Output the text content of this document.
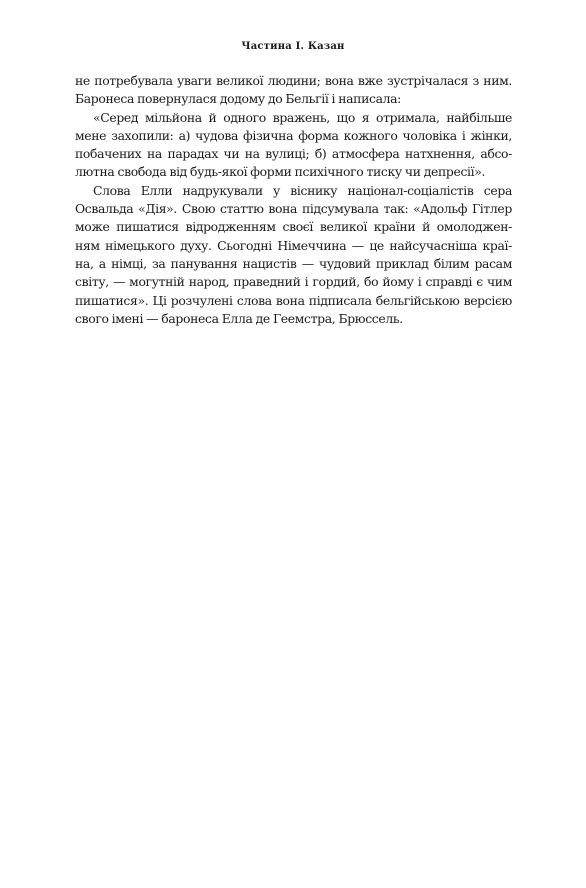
Частина І. Казан
не потребувала уваги великої людини; вона вже зустрічалася з ним.
Баронеса повернулася додому до Бельгії і написала:
«Серед мільйона й одного вражень, що я отримала, найбільше
мене захопили: а) чудова фізична форма кожного чоловіка і жінки,
побачених на парадах чи на вулиці; б) атмосфера натхнення, абсо-
лютна свобода від будь-якої форми психічного тиску чи депресії».
Слова Елли надрукували у віснику націонал-соціалістів сера
Освальда «Дія». Свою статтю вона підсумувала так: «Адольф Гітлер
може пишатися відродженням своєї великої країни й омолоджен-
ням німецького духу. Сьогодні Німеччина — це найсучасніша краї-
на, а німці, за панування нацистів — чудовий приклад білим расам
світу, — могутній народ, праведний і гордий, бо йому і справді є чим
пишатися». Ці розчулені слова вона підписала бельгійською версією
свого імені — баронеса Елла де Геемстра, Брюссель.
